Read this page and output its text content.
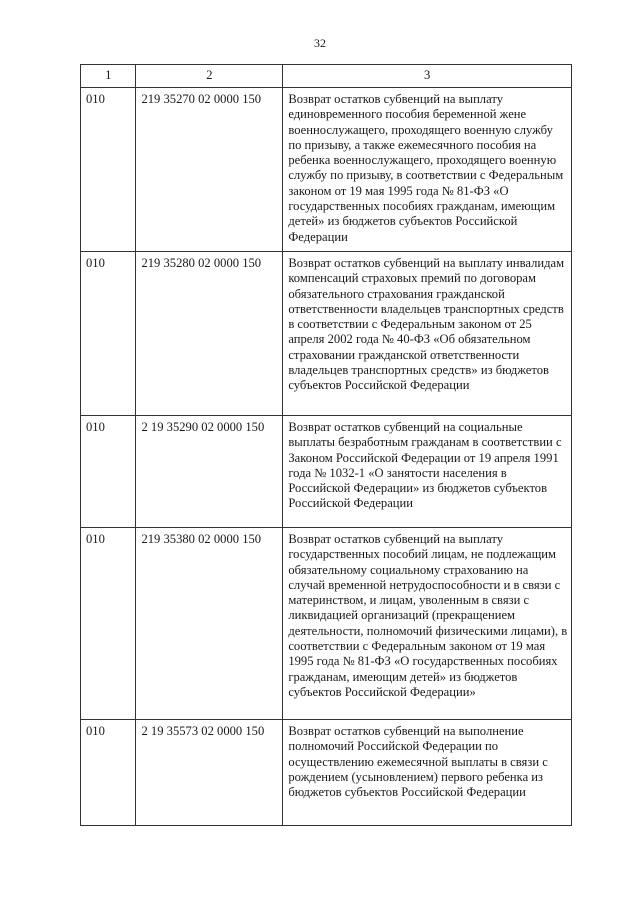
32
1	2	3
010	219 35270 02 0000 150	Возврат остатков субвенций на выплату единовременного пособия беременной жене военнослужащего, проходящего военную службу по призыву, а также ежемесячного пособия на ребенка военнослужащего, проходящего военную службу по призыву, в соответствии с Федеральным законом от 19 мая 1995 года № 81-ФЗ «О государственных пособиях гражданам, имеющим детей» из бюджетов субъектов Российской Федерации
010	219 35280 02 0000 150	Возврат остатков субвенций на выплату инвалидам компенсаций страховых премий по договорам обязательного страхования гражданской ответственности владельцев транспортных средств в соответствии с Федеральным законом от 25 апреля 2002 года № 40-ФЗ «Об обязательном страховании гражданской ответственности владельцев транспортных средств» из бюджетов субъектов Российской Федерации
010	2 19 35290 02 0000 150	Возврат остатков субвенций на социальные выплаты безработным гражданам в соответствии с Законом Российской Федерации от 19 апреля 1991 года № 1032-1 «О занятости населения в Российской Федерации» из бюджетов субъектов Российской Федерации
010	219 35380 02 0000 150	Возврат остатков субвенций на выплату государственных пособий лицам, не подлежащим обязательному социальному страхованию на случай временной нетрудоспособности и в связи с материнством, и лицам, уволенным в связи с ликвидацией организаций (прекращением деятельности, полномочий физическими лицами), в соответствии с Федеральным законом от 19 мая 1995 года № 81-ФЗ «О государственных пособиях гражданам, имеющим детей» из бюджетов субъектов Российской Федерации»
010	2 19 35573 02 0000 150	Возврат остатков субвенций на выполнение полномочий Российской Федерации по осуществлению ежемесячной выплаты в связи с рождением (усыновлением) первого ребенка из бюджетов субъектов Российской Федерации
